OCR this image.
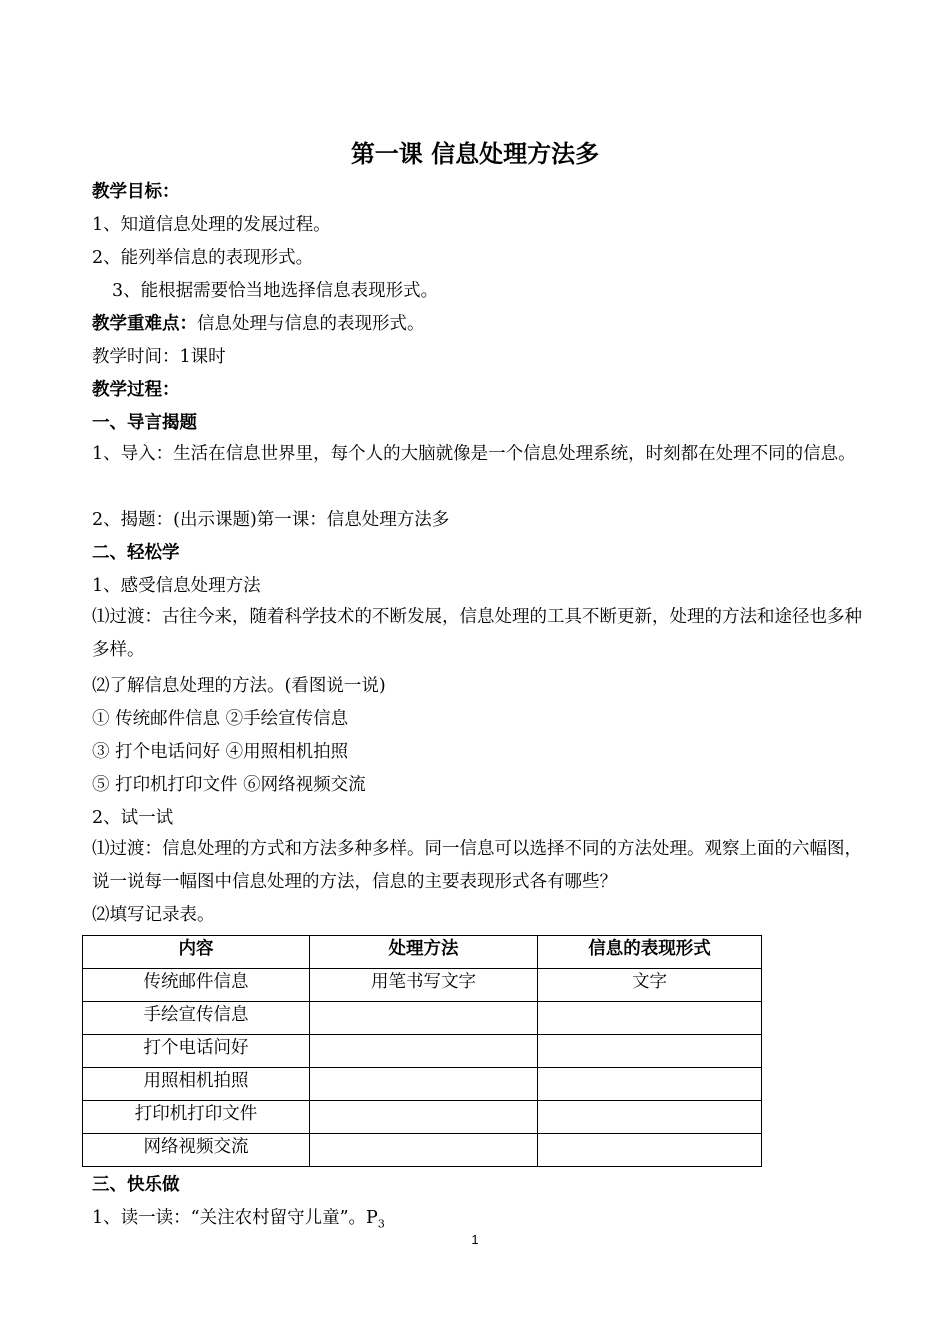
第一课 信息处理方法多
教学目标：
1、知道信息处理的发展过程。
2、能列举信息的表现形式。
3、能根据需要恰当地选择信息表现形式。
教学重难点：信息处理与信息的表现形式。
教学时间：1课时
教学过程：
一、导言揭题
1、导入：生活在信息世界里，每个人的大脑就像是一个信息处理系统，时刻都在处理不同的信息。
2、揭题：(出示课题)第一课：信息处理方法多
二、轻松学
1、感受信息处理方法
⑴过渡：古往今来，随着科学技术的不断发展，信息处理的工具不断更新，处理的方法和途径也多种多样。
⑵了解信息处理的方法。(看图说一说)
① 传统邮件信息 ②手绘宣传信息
③ 打个电话问好 ④用照相机拍照
⑤ 打印机打印文件 ⑥网络视频交流
2、试一试
⑴过渡：信息处理的方式和方法多种多样。同一信息可以选择不同的方法处理。观察上面的六幅图，说一说每一幅图中信息处理的方法，信息的主要表现形式各有哪些？
⑵填写记录表。
内容	处理方法	信息的表现形式
传统邮件信息	用笔书写文字	文字
手绘宣传信息		
打个电话问好		
用照相机拍照		
打印机打印文件		
网络视频交流		
三、快乐做
1、读一读：“关注农村留守儿童”。$P_3$
1
